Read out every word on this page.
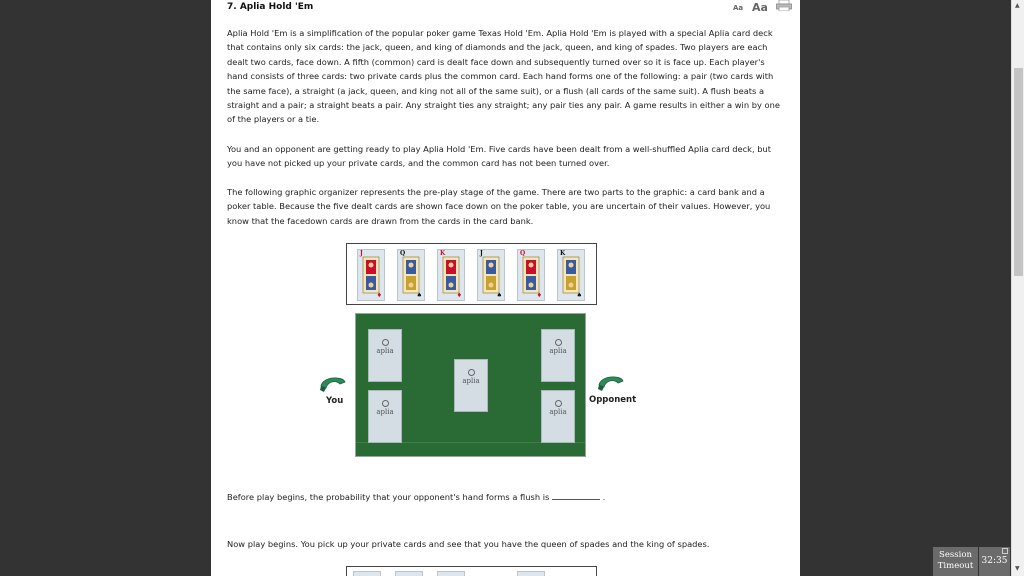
7. Aplia Hold 'Em	Aa Aa

Aplia Hold 'Em is a simplification of the popular poker game Texas Hold 'Em. Aplia Hold 'Em is played with a special Aplia card deck that contains only six cards: the jack, queen, and king of diamonds and the jack, queen, and king of spades. Two players are each dealt two cards, face down. A fifth (common) card is dealt face down and subsequently turned over so it is face up. Each player's hand consists of three cards: two private cards plus the common card. Each hand forms one of the following: a pair (two cards with the same face), a straight (a jack, queen, and king not all of the same suit), or a flush (all cards of the same suit). A flush beats a straight and a pair; a straight beats a pair. Any straight ties any straight; any pair ties any pair. A game results in either a win by one of the players or a tie.

You and an opponent are getting ready to play Aplia Hold 'Em. Five cards have been dealt from a well-shuffled Aplia card deck, but you have not picked up your private cards, and the common card has not been turned over.

The following graphic organizer represents the pre-play stage of the game. There are two parts to the graphic: a card bank and a poker table. Because the five dealt cards are shown face down on the poker table, you are uncertain of their values. However, you know that the facedown cards are drawn from the cards in the card bank.

J
♦
Q
♠
K
♦
J
♠
Q
♦
K
♠
aplia
aplia
aplia
aplia
aplia
You	Opponent

Before play begins, the probability that your opponent's hand forms a flush is	.

Now play begins. You pick up your private cards and see that you have the queen of spades and the king of spades.

▲
▼
Session
Timeout 32:35
